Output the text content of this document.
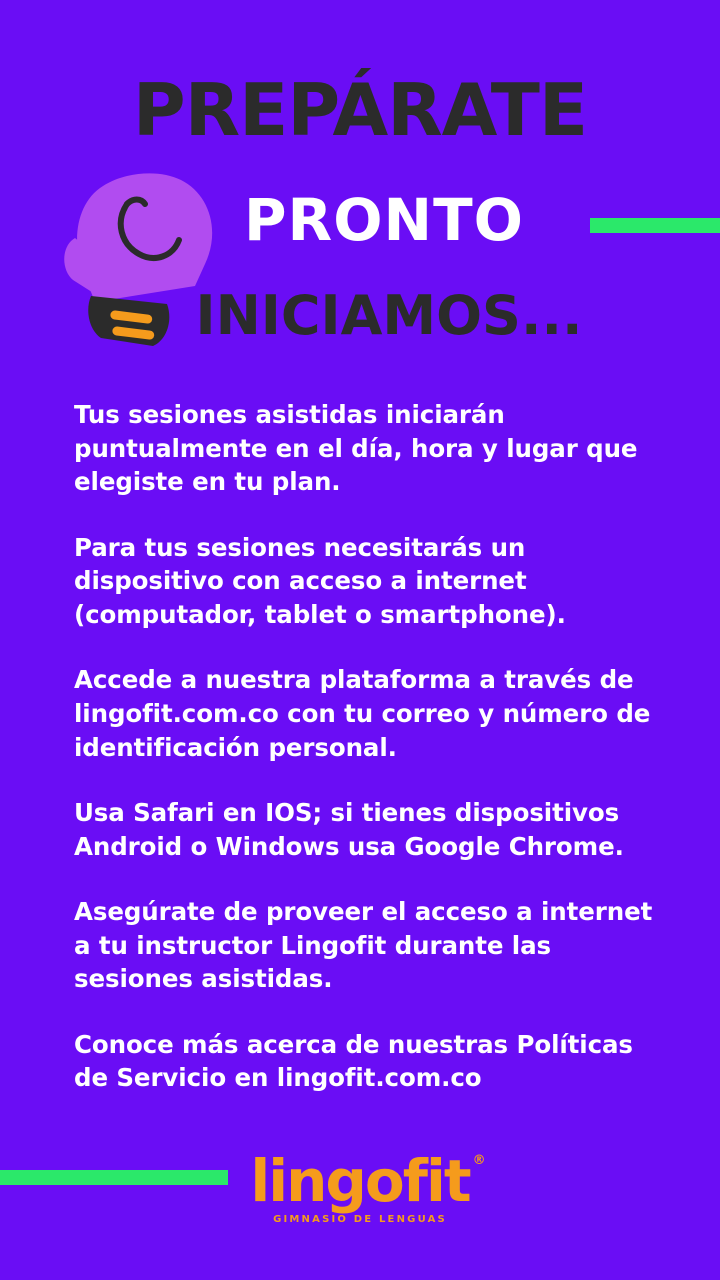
PREPÁRATE
PRONTO
INICIAMOS...

Tus sesiones asistidas iniciarán puntualmente en el día, hora y lugar que elegiste en tu plan.

Para tus sesiones necesitarás un dispositivo con acceso a internet (computador, tablet o smartphone).

Accede a nuestra plataforma a través de lingofit.com.co con tu correo y número de identificación personal.

Usa Safari en IOS; si tienes dispositivos Android o Windows usa Google Chrome.

Asegúrate de proveer el acceso a internet a tu instructor Lingofit durante las sesiones asistidas.

Conoce más acerca de nuestras Políticas de Servicio en lingofit.com.co

lingofit ®
GIMNASIO DE LENGUAS
